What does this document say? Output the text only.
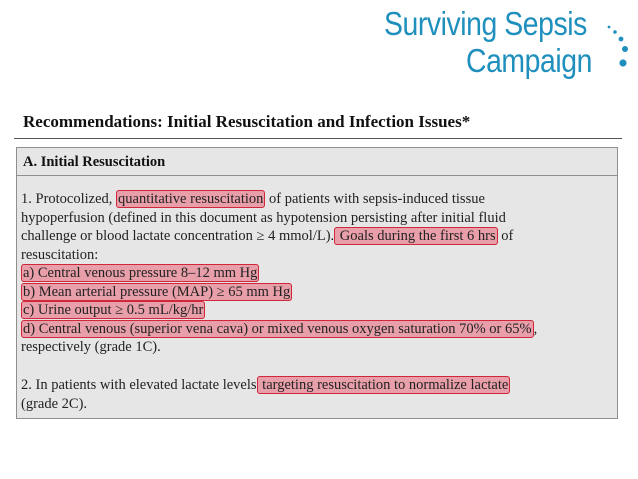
Surviving Sepsis
Campaign
Recommendations: Initial Resuscitation and Infection Issues*
A. Initial Resuscitation
1. Protocolized, quantitative resuscitation of patients with sepsis-induced tissue
hypoperfusion (defined in this document as hypotension persisting after initial fluid
challenge or blood lactate concentration ≥ 4 mmol/L). Goals during the first 6 hrs of
resuscitation:
a) Central venous pressure 8–12 mm Hg
b) Mean arterial pressure (MAP) ≥ 65 mm Hg
c) Urine output ≥ 0.5 mL/kg/hr
d) Central venous (superior vena cava) or mixed venous oxygen saturation 70% or 65% ,
respectively (grade 1C).
2. In patients with elevated lactate levels targeting resuscitation to normalize lactate
(grade 2C).
